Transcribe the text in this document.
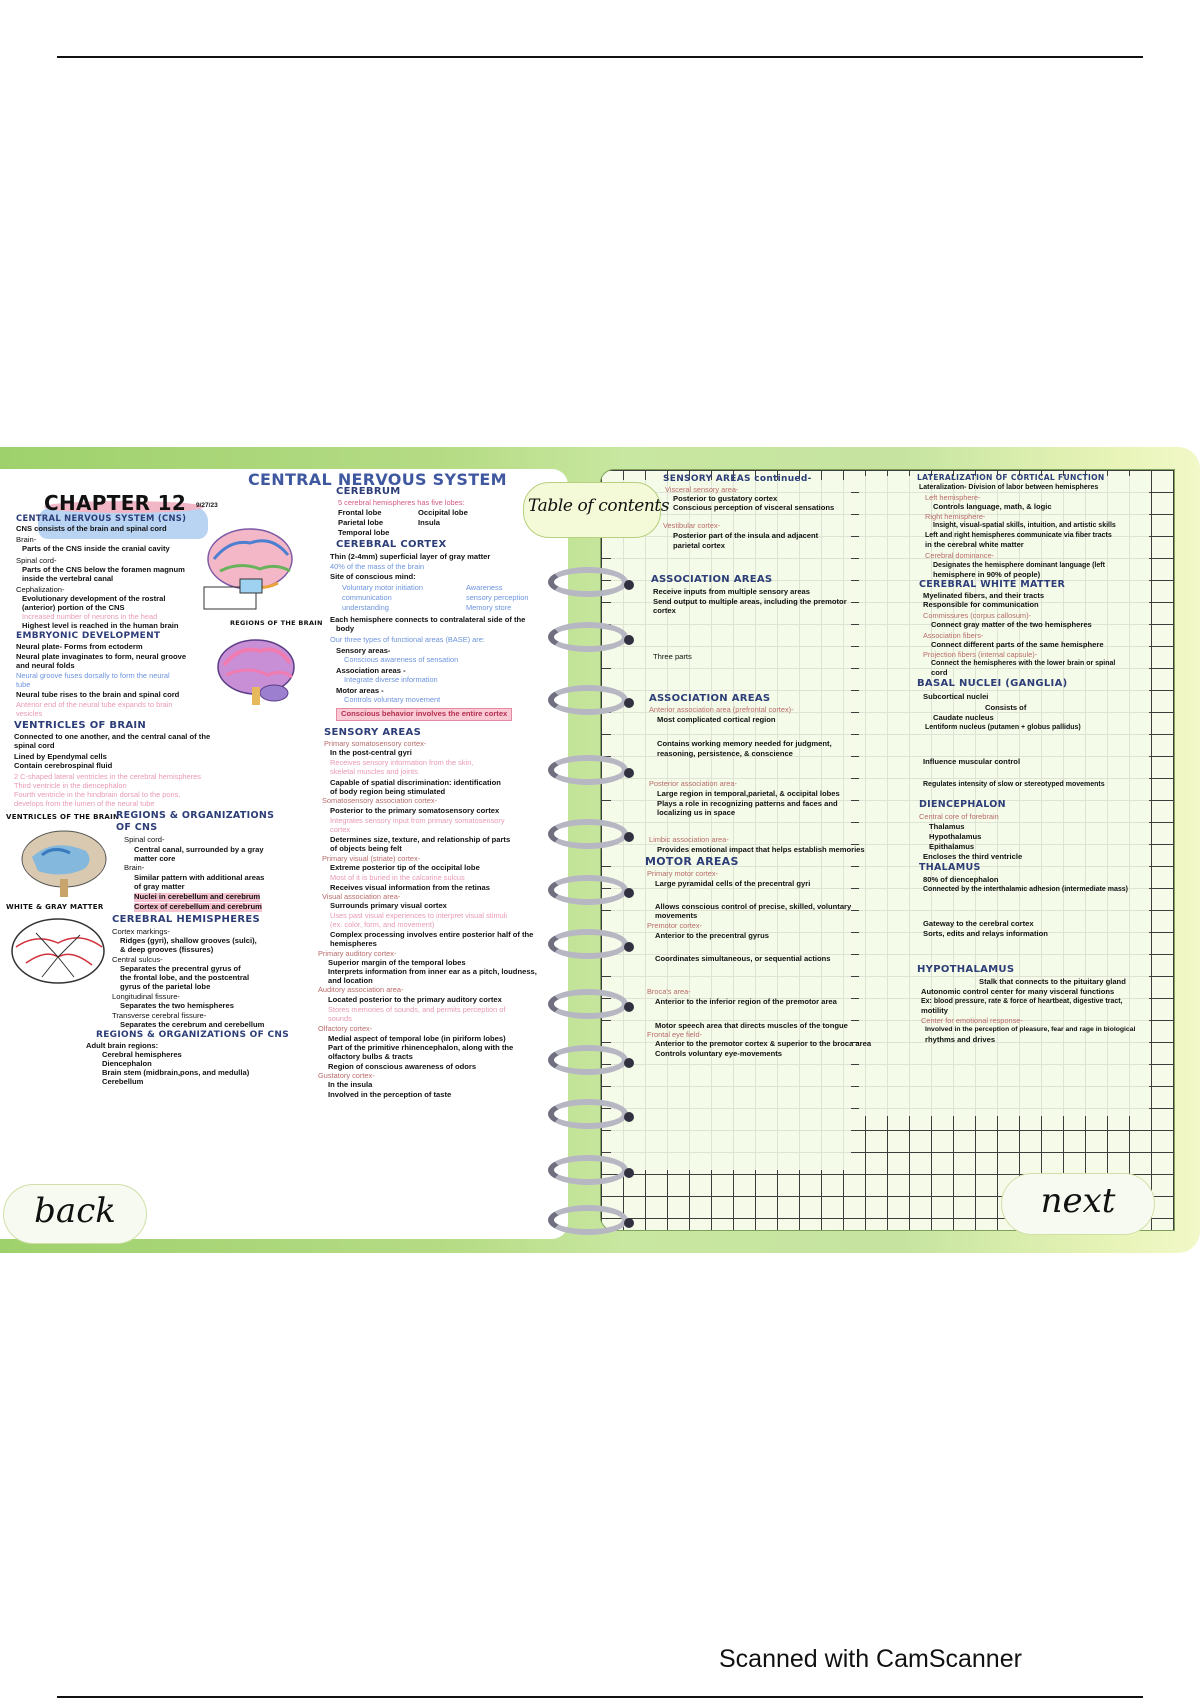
CENTRAL NERVOUS SYSTEM
CHAPTER 12 9/27/23
CENTRAL NERVOUS SYSTEM (CNS)
CNS consists of the brain and spinal cord
Brain-
Parts of the CNS inside the cranial cavity
Spinal cord-
Parts of the CNS below the foramen magnum
inside the vertebral canal
Cephalization-
Evolutionary development of the rostral
(anterior) portion of the CNS
Increased number of neurons in the head
Highest level is reached in the human brain
EMBRYONIC DEVELOPMENT
REGIONS OF THE BRAIN
Neural plate- Forms from ectoderm
Neural plate invaginates to form, neural groove
and neural folds
Neural groove fuses dorsally to form the neural
tube
Neural tube rises to the brain and spinal cord
Anterior end of the neural tube expands to brain
vesicles
VENTRICLES OF BRAIN
Connected to one another, and the central canal of the
spinal cord
Lined by Ependymal cells
Contain cerebrospinal fluid
2 C-shaped lateral ventricles in the cerebral hemispheres
Third ventricle in the diencephalon
Fourth ventricle in the hindbrain dorsal to the pons,
develops from the lumen of the neural tube
VENTRICLES OF THE BRAIN
REGIONS & ORGANIZATIONS
OF CNS
Spinal cord-
Central canal, surrounded by a gray
matter core
Brain-
Similar pattern with additional areas
of gray matter
Nuclei in cerebellum and cerebrum
Cortex of cerebellum and cerebrum
WHITE & GRAY MATTER
CEREBRAL HEMISPHERES
Cortex markings-
Ridges (gyri), shallow grooves (sulci),
& deep grooves (fissures)
Central sulcus-
Separates the precentral gyrus of
the frontal lobe, and the postcentral
gyrus of the parietal lobe
Longitudinal fissure-
Separates the two hemispheres
Transverse cerebral fissure-
Separates the cerebrum and cerebellum
REGIONS & ORGANIZATIONS OF CNS
Adult brain regions:
Cerebral hemispheres
Diencephalon
Brain stem (midbrain,pons, and medulla)
Cerebellum
CEREBRUM
5 cerebral hemispheres has five lobes:
Frontal lobe	Occipital lobe
Parietal lobe	Insula
Temporal lobe
CEREBRAL CORTEX
Thin (2-4mm) superficial layer of gray matter
40% of the mass of the brain
Site of conscious mind:
Voluntary motor initiation	Awareness
communication	sensory perception
understanding	Memory store
Each hemisphere connects to contralateral side of the
body
Our three types of functional areas (BASE) are:
Sensory areas-
Conscious awareness of sensation
Association areas -
Integrate diverse information
Motor areas -
Controls voluntary movement
Conscious behavior involves the entire cortex
SENSORY AREAS
Primary somatosensory cortex-
In the post-central gyri
Receives sensory information from the skin,
skeletal muscles and joints
Capable of spatial discrimination: identification
of body region being stimulated
Somatosensory association cortex-
Posterior to the primary somatosensory cortex
Integrates sensory input from primary somatosensory
cortex
Determines size, texture, and relationship of parts
of objects being felt
Primary visual (striate) cortex-
Extreme posterior tip of the occipital lobe
Most of it is buried in the calcarine sulcus
Receives visual information from the retinas
Visual association area-
Surrounds primary visual cortex
Uses past visual experiences to interpret visual stimuli
(ex. color, form, and movement)
Complex processing involves entire posterior half of the
hemispheres
Primary auditory cortex-
Superior margin of the temporal lobes
Interprets information from inner ear as a pitch, loudness,
and location
Auditory association area-
Located posterior to the primary auditory cortex
Stores memories of sounds, and permits perception of
sounds
Olfactory cortex-
Medial aspect of temporal lobe (in piriform lobes)
Part of the primitive rhinencephalon, along with the
olfactory bulbs & tracts
Region of conscious awareness of odors
Gustatory cortex-
In the insula
Involved in the perception of taste
SENSORY AREAS continued-
Visceral sensory area-
Posterior to gustatory cortex
Conscious perception of visceral sensations
Vestibular cortex-
Posterior part of the insula and adjacent
parietal cortex
ASSOCIATION AREAS
Receive inputs from multiple sensory areas
Send output to multiple areas, including the premotor
cortex
Three parts
ASSOCIATION AREAS
Anterior association area (prefrontal cortex)-
Most complicated cortical region
Contains working memory needed for judgment,
reasoning, persistence, & conscience
Posterior association area-
Large region in temporal,parietal, & occipital lobes
Plays a role in recognizing patterns and faces and
localizing us in space
Limbic association area-
Provides emotional impact that helps establish memories
MOTOR AREAS
Primary motor cortex-
Large pyramidal cells of the precentral gyri
Allows conscious control of precise, skilled, voluntary
movements
Premotor cortex-
Anterior to the precentral gyrus
Coordinates simultaneous, or sequential actions
Broca's area-
Anterior to the inferior region of the premotor area
Motor speech area that directs muscles of the tongue
Frontal eye field-
Anterior to the premotor cortex & superior to the broca area
Controls voluntary eye-movements
LATERALIZATION OF CORTICAL FUNCTION
Lateralization- Division of labor between hemispheres
Left hemisphere-
Controls language, math, & logic
Right hemisphere-
Insight, visual-spatial skills, intuition, and artistic skills
Left and right hemispheres communicate via fiber tracts
in the cerebral white matter
Cerebral dominance-
Designates the hemisphere dominant language (left
hemisphere in 90% of people)
CEREBRAL WHITE MATTER
Myelinated fibers, and their tracts
Responsible for communication
Commissures (corpus callosum)-
Connect gray matter of the two hemispheres
Association fibers-
Connect different parts of the same hemisphere
Projection fibers (internal capsule)-
Connect the hemispheres with the lower brain or spinal
cord
BASAL NUCLEI (GANGLIA)
Subcortical nuclei
Caudate nucleus
Consists of
Lentiform nucleus (putamen + globus pallidus)
Influence muscular control
Regulates intensity of slow or stereotyped movements
DIENCEPHALON
Central core of forebrain
Thalamus
Hypothalamus
Epithalamus
Encloses the third ventricle
THALAMUS
80% of diencephalon
Connected by the interthalamic adhesion (intermediate mass)
Gateway to the cerebral cortex
Sorts, edits and relays information
HYPOTHALAMUS
Stalk that connects to the pituitary gland
Autonomic control center for many visceral functions
Ex: blood pressure, rate & force of heartbeat, digestive tract,
motility
Center for emotional response-
Involved in the perception of pleasure, fear and rage in biological
rhythms and drives
Table of contents
back	next
Scanned with CamScanner
